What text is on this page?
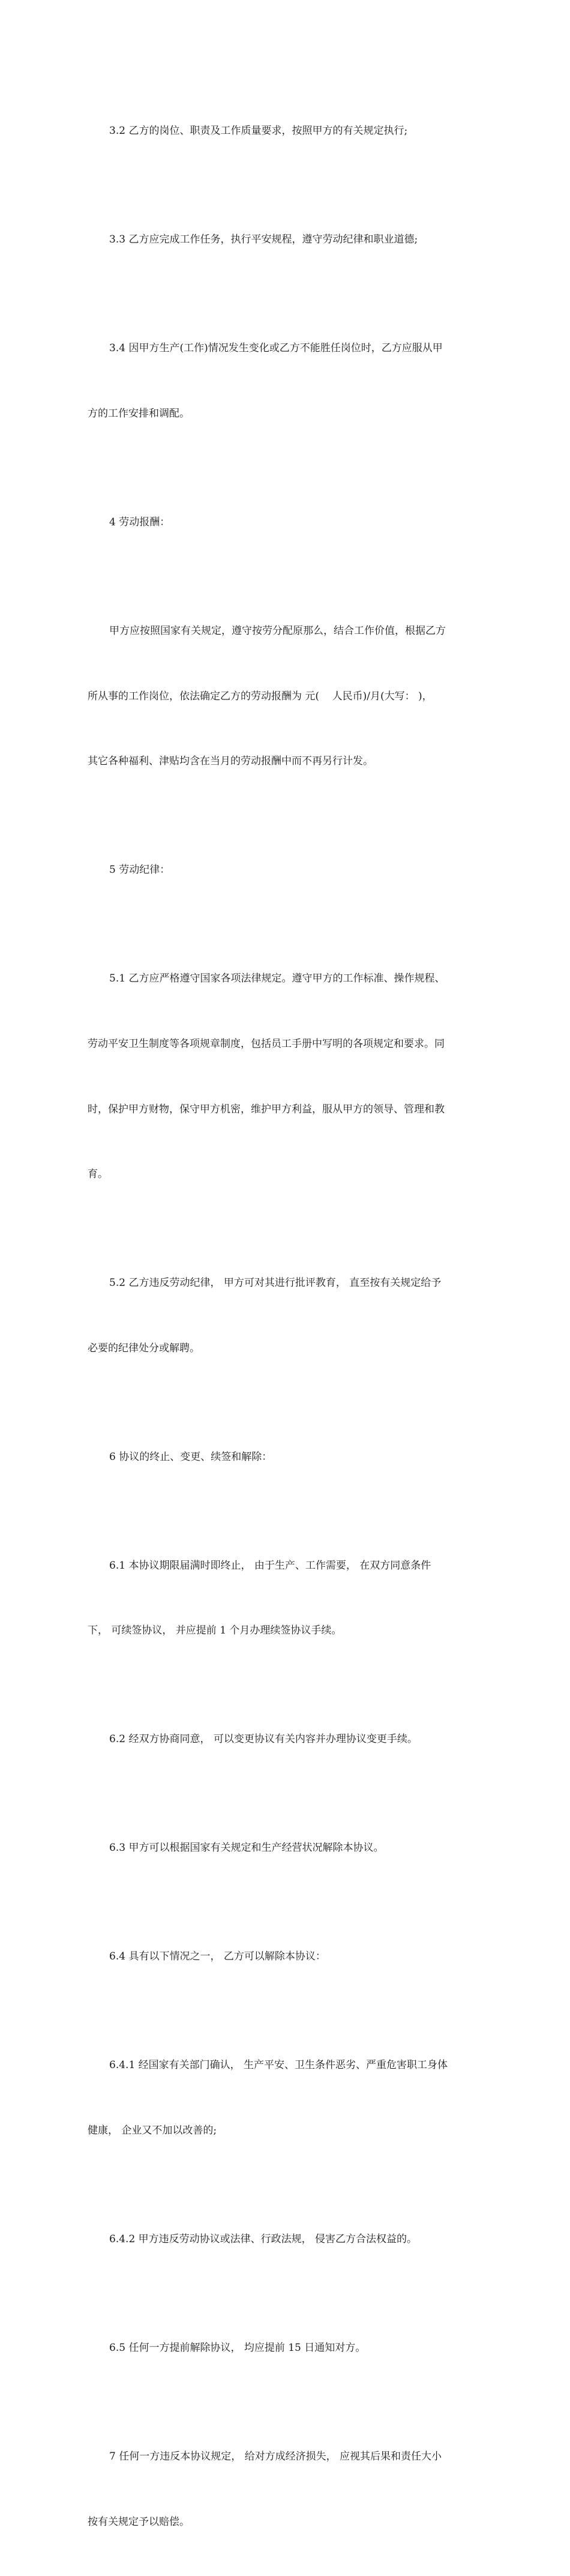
3.2 乙方的岗位、职责及工作质量要求，按照甲方的有关规定执行;

3.3 乙方应完成工作任务，执行平安规程，遵守劳动纪律和职业道德;

3.4 因甲方生产(工作)情况发生变化或乙方不能胜任岗位时，乙方应服从甲

方的工作安排和调配。

4 劳动报酬：

甲方应按照国家有关规定，遵守按劳分配原那么，结合工作价值，根据乙方

所从事的工作岗位，依法确定乙方的劳动报酬为 元(    人民币)/月(大写： )，

其它各种福利、津贴均含在当月的劳动报酬中而不再另行计发。

5 劳动纪律：

5.1 乙方应严格遵守国家各项法律规定。遵守甲方的工作标准、操作规程、

劳动平安卫生制度等各项规章制度，包括员工手册中写明的各项规定和要求。同

时，保护甲方财物，保守甲方机密，维护甲方利益，服从甲方的领导、管理和教

育。

5.2 乙方违反劳动纪律， 甲方可对其进行批评教育， 直至按有关规定给予

必要的纪律处分或解聘。

6 协议的终止、变更、续签和解除：

6.1 本协议期限届满时即终止， 由于生产、工作需要， 在双方同意条件

下， 可续签协议， 并应提前 1 个月办理续签协议手续。

6.2 经双方协商同意， 可以变更协议有关内容并办理协议变更手续。

6.3 甲方可以根据国家有关规定和生产经营状况解除本协议。

6.4 具有以下情况之一， 乙方可以解除本协议：

6.4.1 经国家有关部门确认， 生产平安、卫生条件恶劣、严重危害职工身体

健康， 企业又不加以改善的;

6.4.2 甲方违反劳动协议或法律、行政法规， 侵害乙方合法权益的。

6.5 任何一方提前解除协议， 均应提前 15 日通知对方。

7 任何一方违反本协议规定， 给对方成经济损失， 应视其后果和责任大小

按有关规定予以赔偿。
